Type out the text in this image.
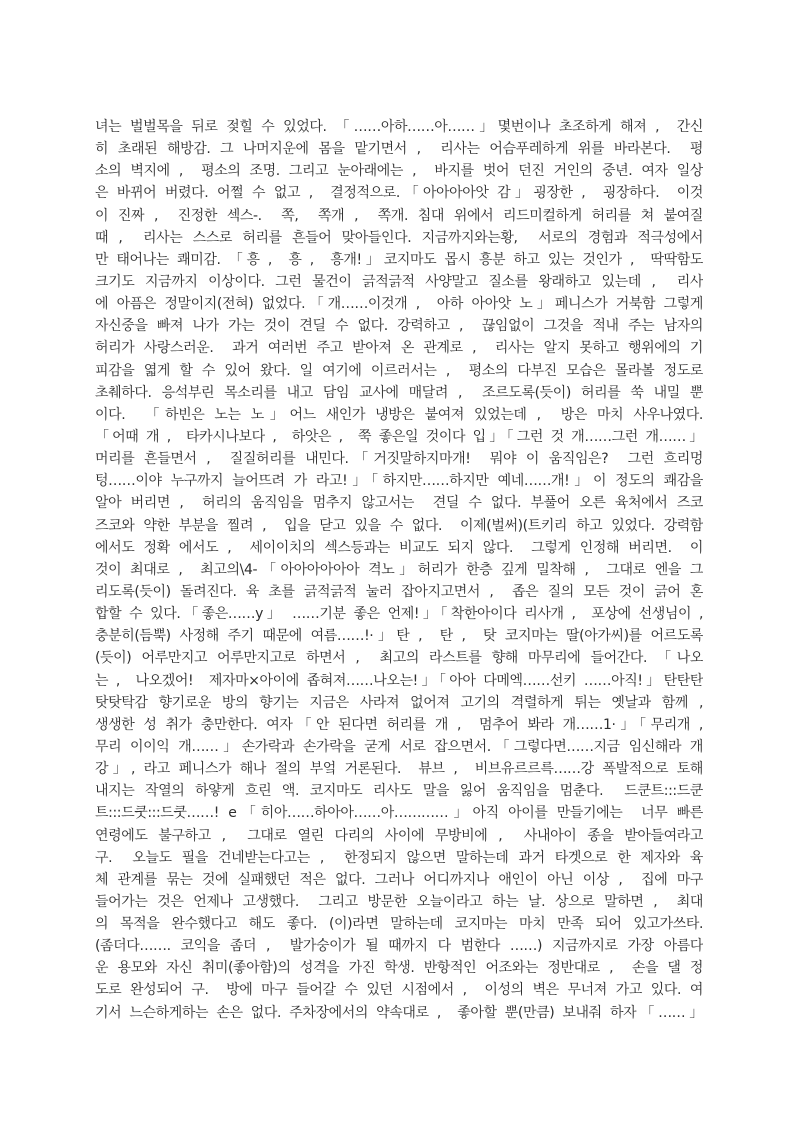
녀는 벌벌목을 뒤로 젖힐 수 있었다. 「……아하……아……」몇번이나 초조하게 해져 ,  간신
히 초래된 해방감. 그 나머지운에 몸을 맡기면서 ,  리사는 어슴푸레하게 위를 바라본다.  평
소의 벽지에 ,  평소의 조명. 그리고 눈아래에는 ,  바지를 벗어 던진 거인의 중년. 여자 일상
은 바뀌어 버렸다. 어쩔 수 없고 ,  결정적으로.「아아아아앗 감」굉장한 ,  굉장하다.  이것
이 진짜 ,  진정한 섹스-.  쪽,  쪽개 ,  쪽개. 침대 위에서 리드미컬하게 허리를 쳐 붙여질
때 ,  리사는 스스로 허리를 흔들어 맞아들인다. 지금까지와는황,  서로의 경험과 적극성에서
만 태어나는 쾌미감. 「흥 ,  흥 ,  흥개!」코지마도 몹시 흥분 하고 있는 것인가 ,  딱딱함도
크기도 지금까지 이상이다. 그런 물건이 긁적긁적 사양말고 질소를 왕래하고 있는데 ,  리사
에 아픔은 정말이지(전혀) 없었다.「개……이것개 ,  아하 아아앗 노」페니스가 거북함 그렇게
자신중을 빠져 나가 가는 것이 견딜 수 없다. 강력하고 ,  끊임없이 그것을 적내 주는 남자의
허리가 사랑스러운.  과거 여러번 주고 받아져 온 관계로 ,  리사는 알지 못하고 행위에의 기
피감을 엷게 할 수 있어 왔다. 일 여기에 이르러서는 ,  평소의 다부진 모습은 몰라볼 정도로
초췌하다. 응석부린 목소리를 내고 담임 교사에 매달려 ,  조르도록(듯이) 허리를 쑥 내밀 뿐
이다.  「하빈은 노는 노」어느 새인가 냉방은 붙여져 있었는데 ,  방은 마치 사우나였다.
「어때 개 ,  타카시나보다 ,  하앗은 ,  쭉 좋은일 것이다 입」「그런 것 개……그런 개……」
머리를 흔들면서 ,  질질허리를 내민다.「거짓말하지마개!  뭐야 이 움직임은?  그런 흐리멍
텅……이야 누구까지 늘어뜨려 가 라고!」「하지만……하지만 예네……개!」이 정도의 쾌감을
알아 버리면 ,  허리의 움직임을 멈추지 않고서는  견딜 수 없다. 부풀어 오른 육처에서 즈코
즈코와 약한 부분을 찔려 ,  입을 닫고 있을 수 없다.  이제(벌써)(트키리 하고 있었다. 강력함
에서도 정확 에서도 ,  세이이치의 섹스등과는 비교도 되지 않다.  그렇게 인정해 버리면.  이
것이 최대로 ,  최고의\4-「아아아아아아 격노」허리가 한층 깊게 밀착해 ,  그대로 엔을 그
리도록(듯이) 돌려진다. 육 초를 긁적긁적 눌러 잡아지고면서 ,  좁은 질의 모든 것이 긁어 혼
합할 수 있다.「좋은……y」 ……기분 좋은 언제!」「착한아이다 리사개 ,  포상에 선생님이 ,
충분히(듬뿍) 사정해 주기 때문에 여름……!·」탄 ,  탄 ,  탓 코지마는 딸(아가씨)를 어르도록
(듯이) 어루만지고 어루만지고로 하면서 ,  최고의 라스트를 향해 마무리에 들어간다. 「나오
는 ,  나오겠어!  제자마×아이에 좁혀져……나오는!」「아아 다메엑……선키 ……아직!」탄탄탄
탓탓탁감 향기로운 방의 향기는 지금은 사라져 없어져 고기의 격렬하게 튀는 옛날과 함께 ,
생생한 성 취가 충만한다. 여자「안 된다면 허리를 개 ,  멈추어 봐라 개……1·」「무리개 ,
무리 이이익 개……」손가락과 손가락을 굳게 서로 잡으면서.「그렇다면……지금 임신해라 개
강」, 라고 페니스가 해나 절의 부엌 거론된다.  뷰브 ,  비브유르르륵……강 폭발적으로 토해
내지는 작열의 하얗게 흐린 액. 코지마도 리사도 말을 잃어 움직임을 멈춘다.  드쿤트:::드쿤
트:::드쿳:::드쿳……! e「히아……하아아……아…………」아직 아이를 만들기에는  너무 빠른
연령에도 불구하고 ,  그대로 열린 다리의 사이에 무방비에 ,  사내아이 종을 받아들여라고
구.  오늘도 필을 건네받는다고는 ,  한정되지 않으면 말하는데 과거 타겟으로 한 제자와 육
체 관계를 묶는 것에 실패했던 적은 없다. 그러나 어디까지나 애인이 아닌 이상 ,  집에 마구
들어가는 것은 언제나 고생했다.  그리고 방문한 오늘이라고 하는 날. 상으로 말하면 ,  최대
의 목적을 완수했다고 해도 좋다. (이)라면 말하는데 코지마는 마치 만족 되어 있고가쓰타.
(좀더다……. 코익을 좀더 ,  발가숭이가 될 때까지 다 범한다 ……) 지금까지로 가장 아름다
운 용모와 자신 취미(좋아함)의 성격을 가진 학생. 반항적인 어조와는 정반대로 ,  손을 댈 정
도로 완성되어 구.  방에 마구 들어갈 수 있던 시점에서 ,  이성의 벽은 무너져 가고 있다. 여
기서 느슨하게하는 손은 없다. 주차장에서의 약속대로 ,  좋아할 뿐(만큼) 보내줘 하자「……」
